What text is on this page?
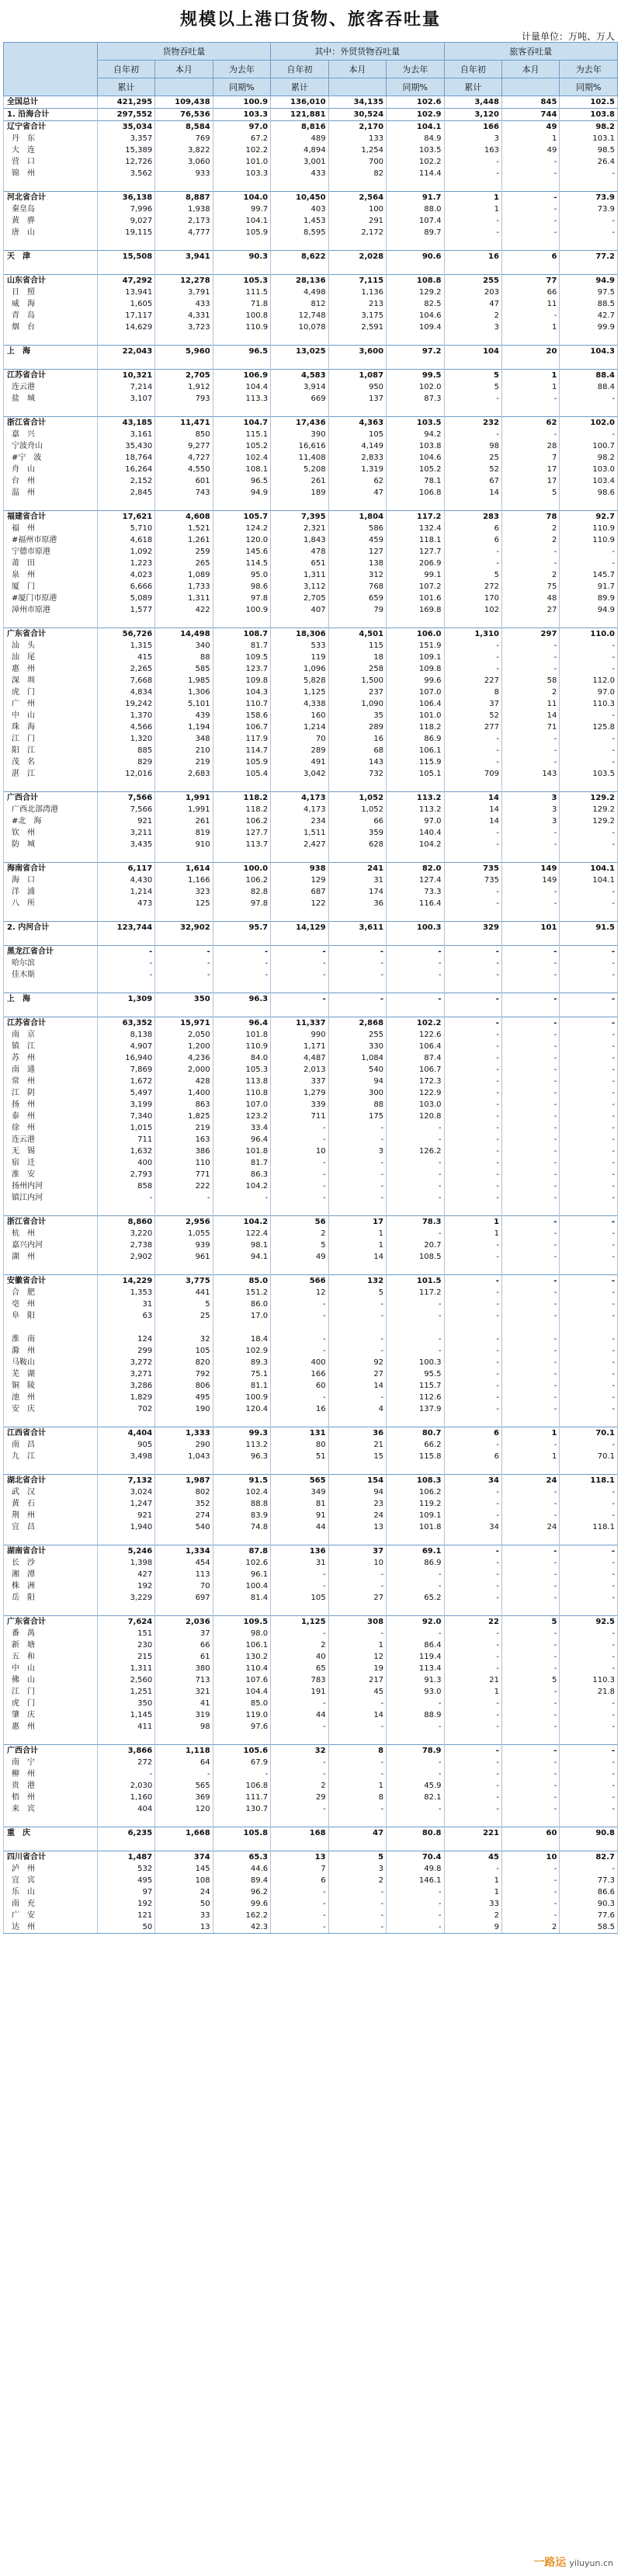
规模以上港口货物、旅客吞吐量
计量单位：万吨、万人
	货物吞吐量			其中：外贸货物吞吐量			旅客吞吐量		
	自年初	本月	为去年	自年初	本月	为去年	自年初	本月	为去年
	累计		同期%	累计		同期%	累计		同期%
全国总计	421,295	109,438	100.9	136,010	34,135	102.6	3,448	845	102.5
1. 沿海合计	297,552	76,536	103.3	121,881	30,524	102.9	3,120	744	103.8
辽宁省合计	35,034	8,584	97.0	8,816	2,170	104.1	166	49	98.2
丹　东	3,357	769	67.2	489	133	84.9	3	1	103.1
大　连	15,389	3,822	102.2	4,894	1,254	103.5	163	49	98.5
营　口	12,726	3,060	101.0	3,001	700	102.2	-	-	26.4
锦　州	3,562	933	103.3	433	82	114.4	-	-	-

河北省合计	36,138	8,887	104.0	10,450	2,564	91.7	1	-	73.9
秦皇岛	7,996	1,938	99.7	403	100	88.0	1	-	73.9
黄　骅	9,027	2,173	104.1	1,453	291	107.4	-	-	-
唐　山	19,115	4,777	105.9	8,595	2,172	89.7	-	-	-

天　津	15,508	3,941	90.3	8,622	2,028	90.6	16	6	77.2

山东省合计	47,292	12,278	105.3	28,136	7,115	108.8	255	77	94.9
日　照	13,941	3,791	111.5	4,498	1,136	129.2	203	66	97.5
威　海	1,605	433	71.8	812	213	82.5	47	11	88.5
青　岛	17,117	4,331	100.8	12,748	3,175	104.6	2	-	42.7
烟　台	14,629	3,723	110.9	10,078	2,591	109.4	3	1	99.9

上　海	22,043	5,960	96.5	13,025	3,600	97.2	104	20	104.3

江苏省合计	10,321	2,705	106.9	4,583	1,087	99.5	5	1	88.4
连云港	7,214	1,912	104.4	3,914	950	102.0	5	1	88.4
盐　城	3,107	793	113.3	669	137	87.3	-	-	-

浙江省合计	43,185	11,471	104.7	17,436	4,363	103.5	232	62	102.0
嘉　兴	3,161	850	115.1	390	105	94.2	-	-	-
宁波舟山	35,430	9,277	105.2	16,616	4,149	103.8	98	28	100.7
#宁　波	18,764	4,727	102.4	11,408	2,833	104.6	25	7	98.2
舟　山	16,264	4,550	108.1	5,208	1,319	105.2	52	17	103.0
台　州	2,152	601	96.5	261	62	78.1	67	17	103.4
温　州	2,845	743	94.9	189	47	106.8	14	5	98.6

福建省合计	17,621	4,608	105.7	7,395	1,804	117.2	283	78	92.7
福　州	5,710	1,521	124.2	2,321	586	132.4	6	2	110.9
#福州市原港	4,618	1,261	120.0	1,843	459	118.1	6	2	110.9
宁德市原港	1,092	259	145.6	478	127	127.7	-	-	-
莆　田	1,223	265	114.5	651	138	206.9	-	-	-
泉　州	4,023	1,089	95.0	1,311	312	99.1	5	2	145.7
厦　门	6,666	1,733	98.6	3,112	768	107.2	272	75	91.7
#厦门市原港	5,089	1,311	97.8	2,705	659	101.6	170	48	89.9
漳州市原港	1,577	422	100.9	407	79	169.8	102	27	94.9

广东省合计	56,726	14,498	108.7	18,306	4,501	106.0	1,310	297	110.0
汕　头	1,315	340	81.7	533	115	151.9	-	-	-
汕　尾	415	88	109.5	119	18	109.1	-	-	-
惠　州	2,265	585	123.7	1,096	258	109.8	-	-	-
深　圳	7,668	1,985	109.8	5,828	1,500	99.6	227	58	112.0
虎　门	4,834	1,306	104.3	1,125	237	107.0	8	2	97.0
广　州	19,242	5,101	110.7	4,338	1,090	106.4	37	11	110.3
中　山	1,370	439	158.6	160	35	101.0	52	14	-
珠　海	4,566	1,194	106.7	1,214	289	118.2	277	71	125.8
江　门	1,320	348	117.9	70	16	86.9	-	-	-
阳　江	885	210	114.7	289	68	106.1	-	-	-
茂　名	829	219	105.9	491	143	115.9	-	-	-
湛　江	12,016	2,683	105.4	3,042	732	105.1	709	143	103.5

广西合计	7,566	1,991	118.2	4,173	1,052	113.2	14	3	129.2
广西北部湾港	7,566	1,991	118.2	4,173	1,052	113.2	14	3	129.2
#北　海	921	261	106.2	234	66	97.0	14	3	129.2
钦　州	3,211	819	127.7	1,511	359	140.4	-	-	-
防　城	3,435	910	113.7	2,427	628	104.2	-	-	-

海南省合计	6,117	1,614	100.0	938	241	82.0	735	149	104.1
海　口	4,430	1,166	106.2	129	31	127.4	735	149	104.1
洋　浦	1,214	323	82.8	687	174	73.3	-	-	-
八　所	473	125	97.8	122	36	116.4	-	-	-

2. 内河合计	123,744	32,902	95.7	14,129	3,611	100.3	329	101	91.5

黑龙江省合计	-	-	-	-	-	-	-	-	-
哈尔滨	-	-	-	-	-	-	-	-	-
佳木斯	-	-	-	-	-	-	-	-	-

上　海	1,309	350	96.3	-	-	-	-	-	-

江苏省合计	63,352	15,971	96.4	11,337	2,868	102.2	-	-	-
南　京	8,138	2,050	101.8	990	255	122.6	-	-	-
镇　江	4,907	1,200	110.9	1,171	330	106.4	-	-	-
苏　州	16,940	4,236	84.0	4,487	1,084	87.4	-	-	-
南　通	7,869	2,000	105.3	2,013	540	106.7	-	-	-
常　州	1,672	428	113.8	337	94	172.3	-	-	-
江　阴	5,497	1,400	110.8	1,279	300	122.9	-	-	-
扬　州	3,199	863	107.0	339	88	103.0	-	-	-
泰　州	7,340	1,825	123.2	711	175	120.8	-	-	-
徐　州	1,015	219	33.4	-	-	-	-	-	-
连云港	711	163	96.4	-	-	-	-	-	-
无　锡	1,632	386	101.8	10	3	126.2	-	-	-
宿　迁	400	110	81.7	-	-	-	-	-	-
淮　安	2,793	771	86.3	-	-	-	-	-	-
扬州内河	858	222	104.2	-	-	-	-	-	-
镇江内河	-	-	-	-	-	-	-	-	-

浙江省合计	8,860	2,956	104.2	56	17	78.3	1	-	-
杭　州	3,220	1,055	122.4	2	1	-	1	-	-
嘉兴内河	2,738	939	98.1	5	1	20.7	-	-	-
湖　州	2,902	961	94.1	49	14	108.5	-	-	-

安徽省合计	14,229	3,775	85.0	566	132	101.5	-	-	-
合　肥	1,353	441	151.2	12	5	117.2	-	-	-
亳　州	31	5	86.0	-	-	-	-	-	-
阜　阳	63	25	17.0	-	-	-	-	-	-

淮　南	124	32	18.4	-	-	-	-	-	-
滁　州	299	105	102.9	-	-	-	-	-	-
马鞍山	3,272	820	89.3	400	92	100.3	-	-	-
芜　湖	3,271	792	75.1	166	27	95.5	-	-	-
铜　陵	3,286	806	81.1	60	14	115.7	-	-	-
池　州	1,829	495	100.9	-	-	112.6	-	-	-
安　庆	702	190	120.4	16	4	137.9	-	-	-

江西省合计	4,404	1,333	99.3	131	36	80.7	6	1	70.1
南　昌	905	290	113.2	80	21	66.2	-	-	-
九　江	3,498	1,043	96.3	51	15	115.8	6	1	70.1

湖北省合计	7,132	1,987	91.5	565	154	108.3	34	24	118.1
武　汉	3,024	802	102.4	349	94	106.2	-	-	-
黄　石	1,247	352	88.8	81	23	119.2	-	-	-
荆　州	921	274	83.9	91	24	109.1	-	-	-
宜　昌	1,940	540	74.8	44	13	101.8	34	24	118.1

湖南省合计	5,246	1,334	87.8	136	37	69.1	-	-	-
长　沙	1,398	454	102.6	31	10	86.9	-	-	-
湘　潭	427	113	96.1	-	-	-	-	-	-
株　洲	192	70	100.4	-	-	-	-	-	-
岳　阳	3,229	697	81.4	105	27	65.2	-	-	-

广东省合计	7,624	2,036	109.5	1,125	308	92.0	22	5	92.5
番　禺	151	37	98.0	-	-	-	-	-	-
新　塘	230	66	106.1	2	1	86.4	-	-	-
五　和	215	61	130.2	40	12	119.4	-	-	-
中　山	1,311	380	110.4	65	19	113.4	-	-	-
佛　山	2,560	713	107.6	783	217	91.3	21	5	110.3
江　门	1,251	321	104.4	191	45	93.0	1	-	21.8
虎　门	350	41	85.0	-	-	-	-	-	-
肇　庆	1,145	319	119.0	44	14	88.9	-	-	-
惠　州	411	98	97.6	-	-	-	-	-	-

广西合计	3,866	1,118	105.6	32	8	78.9	-	-	-
南　宁	272	64	67.9	-	-	-	-	-	-
柳　州	-	-	-	-	-	-	-	-	-
贵　港	2,030	565	106.8	2	1	45.9	-	-	-
梧　州	1,160	369	111.7	29	8	82.1	-	-	-
来　宾	404	120	130.7	-	-	-	-	-	-

重　庆	6,235	1,668	105.8	168	47	80.8	221	60	90.8

四川省合计	1,487	374	65.3	13	5	70.4	45	10	82.7
泸　州	532	145	44.6	7	3	49.8	-	-	-
宜　宾	495	108	89.4	6	2	146.1	1	-	77.3
乐　山	97	24	96.2	-	-	-	1	-	86.6
南　充	192	50	99.6	-	-	-	33	-	90.3
广　安	121	33	162.2	-	-	-	2	-	77.6
达　州	50	13	42.3	-	-	-	9	2	58.5
一路运 yiluyun.cn
